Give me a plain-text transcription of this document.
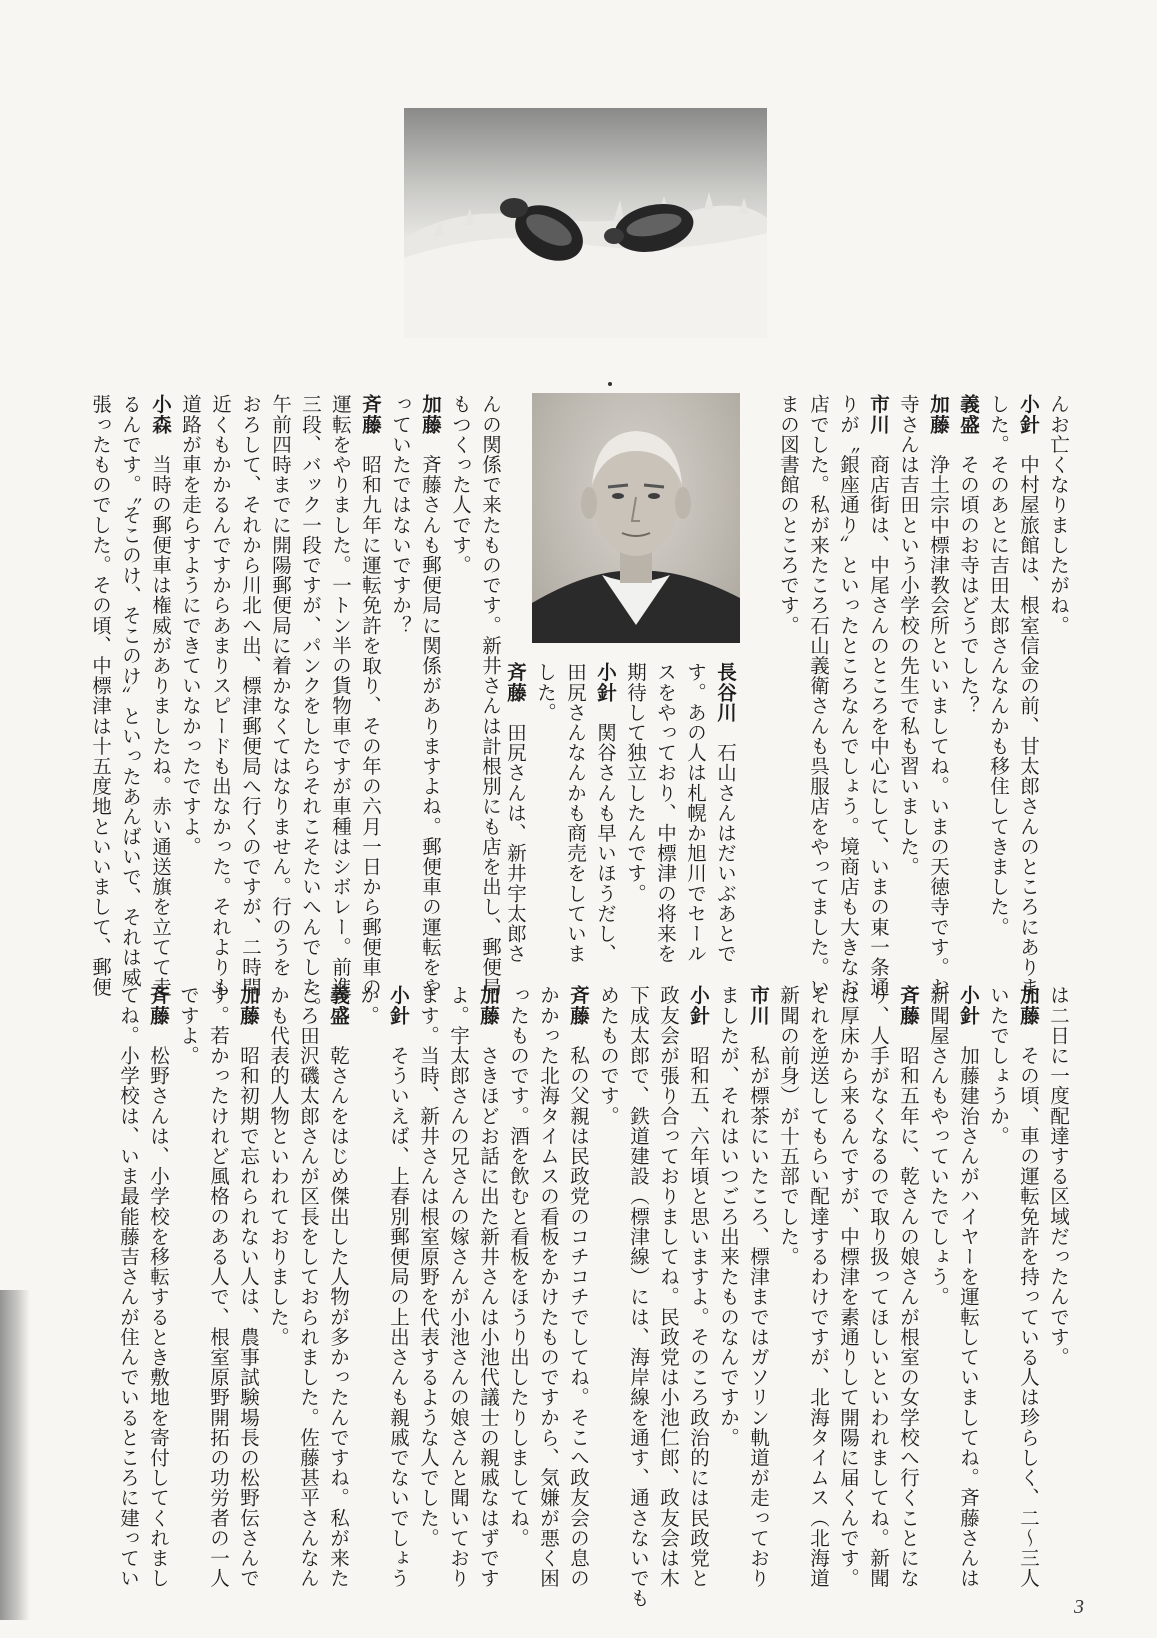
んお亡くなりましたがね。
小針　中村屋旅館は、根室信金の前、甘太郎さんのところにありま
した。そのあとに吉田太郎さんなんかも移住してきました。
義盛　その頃のお寺はどうでした？
加藤　浄土宗中標津教会所といいましてね。いまの天徳寺です。お
寺さんは吉田という小学校の先生で私も習いました。
市川　商店街は、中尾さんのところを中心にして、いまの東一条通
りが〝銀座通り〟といったところなんでしょう。境商店も大きなお
店でした。私が来たころ石山義衛さんも呉服店をやってました。い
まの図書館のところです。
長谷川　石山さんはだいぶあとで
す。あの人は札幌か旭川でセール
スをやっており、中標津の将来を
期待して独立したんです。
小針　関谷さんも早いほうだし、
田尻さんなんかも商売をしていま
した。
斉藤　田尻さんは、新井宇太郎さ
んの関係で来たものです。新井さんは計根別にも店を出し、郵便局
もつくった人です。
加藤　斉藤さんも郵便局に関係がありますよね。郵便車の運転をや
っていたではないですか？
斉藤　昭和九年に運転免許を取り、その年の六月一日から郵便車の
運転をやりました。一トン半の貨物車ですが車種はシボレー。前進
三段、バック一段ですが、パンクをしたらそれこそたいへんでした。
午前四時までに開陽郵便局に着かなくてはなりません。行のうを
おろして、それから川北へ出、標津郵便局へ行くのですが、二時間
近くもかかるんですからあまりスピードも出なかった。それよりも
道路が車を走らすようにできていなかったですよ。
小森　当時の郵便車は権威がありましたね。赤い通送旗を立てて走
るんです。〝そこのけ、そこのけ〟といったあんばいで、それは威
張ったものでした。その頃、中標津は十五度地といいまして、郵便
は二日に一度配達する区域だったんです。
加藤　その頃、車の運転免許を持っている人は珍らしく、二〜三人
いたでしょうか。
小針　加藤建治さんがハイヤーを運転していましてね。斉藤さんは
新聞屋さんもやっていたでしょう。
斉藤　昭和五年に、乾さんの娘さんが根室の女学校へ行くことにな
り、人手がなくなるので取り扱ってほしいといわれましてね。新聞
は厚床から来るんですが、中標津を素通りして開陽に届くんです。
それを逆送してもらい配達するわけですが、北海タイムス（北海道
新聞の前身）が十五部でした。
市川　私が標茶にいたころ、標津まではガソリン軌道が走っており
ましたが、それはいつごろ出来たものなんですか。
小針　昭和五、六年頃と思いますよ。そのころ政治的には民政党と
政友会が張り合っておりましてね。民政党は小池仁郎、政友会は木
下成太郎で、鉄道建設（標津線）には、海岸線を通す、通さないでも
めたものです。
斉藤　私の父親は民政党のコチコチでしてね。そこへ政友会の息の
かかった北海タイムスの看板をかけたものですから、気嫌が悪く困
ったものです。酒を飲むと看板をほうり出したりしましてね。
加藤　さきほどお話に出た新井さんは小池代議士の親戚なはずです
よ。宇太郎さんの兄さんの嫁さんが小池さんの娘さんと聞いており
ます。当時、新井さんは根室原野を代表するような人でした。
小針　そういえば、上春別郵便局の上出さんも親戚でないでしょう
か。
義盛　乾さんをはじめ傑出した人物が多かったんですね。私が来た
ころ田沢磯太郎さんが区長をしておられました。佐藤甚平さんなん
かも代表的人物といわれておりました。
加藤　昭和初期で忘れられない人は、農事試験場長の松野伝さんで
す。若かったけれど風格のある人で、根室原野開拓の功労者の一人
ですよ。
斉藤　松野さんは、小学校を移転するとき敷地を寄付してくれまし
てね。小学校は、いま最能藤吉さんが住んでいるところに建ってい
3
